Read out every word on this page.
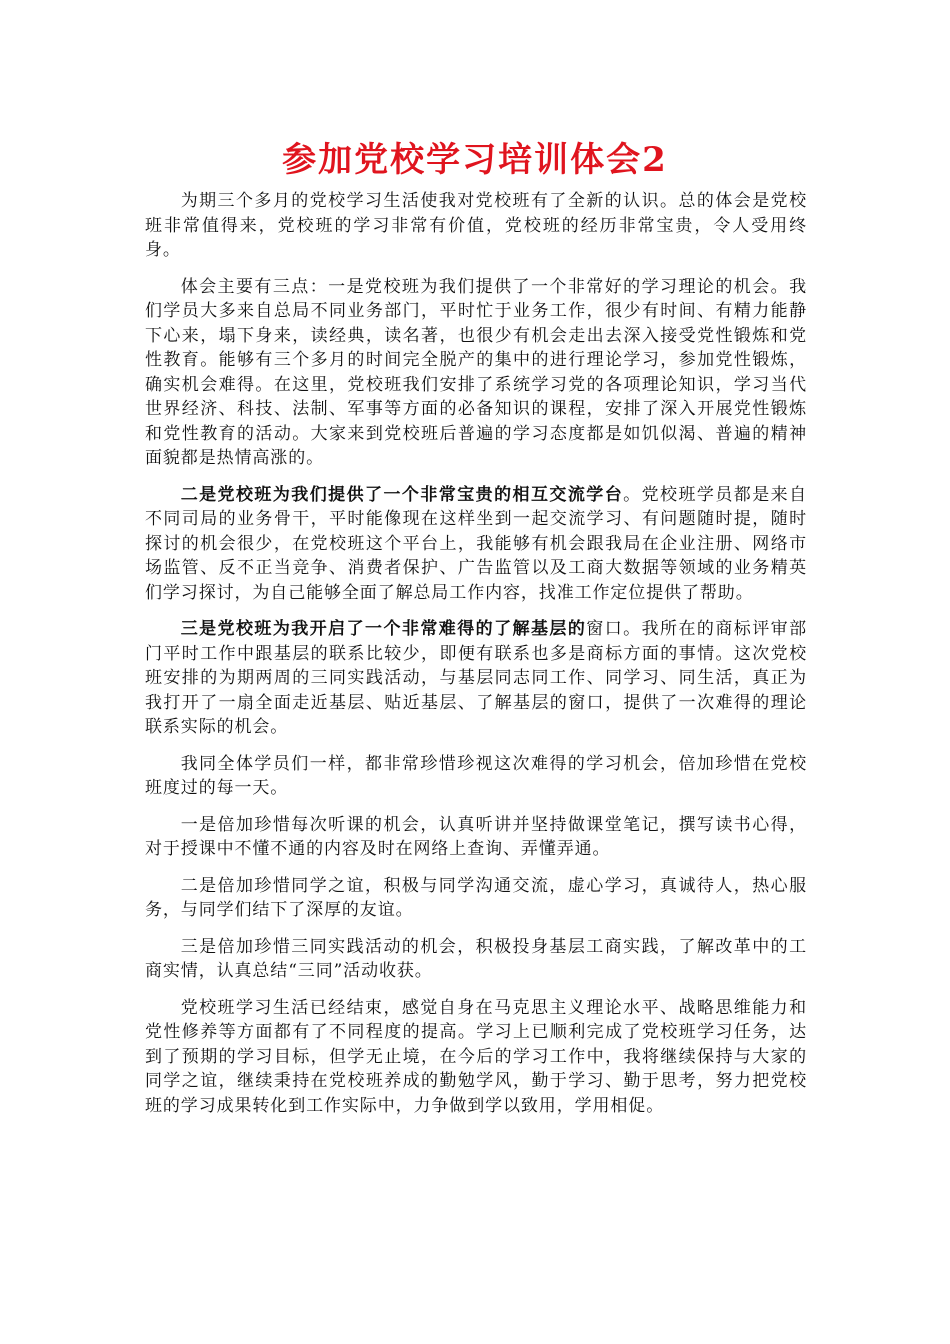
参加党校学习培训体会2

为期三个多月的党校学习生活使我对党校班有了全新的认识。总的体会是党校班非常值得来，党校班的学习非常有价值，党校班的经历非常宝贵，令人受用终身。

体会主要有三点：一是党校班为我们提供了一个非常好的学习理论的机会。我们学员大多来自总局不同业务部门，平时忙于业务工作，很少有时间、有精力能静下心来，塌下身来，读经典，读名著，也很少有机会走出去深入接受党性锻炼和党性教育。能够有三个多月的时间完全脱产的集中的进行理论学习，参加党性锻炼，确实机会难得。在这里，党校班我们安排了系统学习党的各项理论知识，学习当代世界经济、科技、法制、军事等方面的必备知识的课程，安排了深入开展党性锻炼和党性教育的活动。大家来到党校班后普遍的学习态度都是如饥似渴、普遍的精神面貌都是热情高涨的。

二是党校班为我们提供了一个非常宝贵的相互交流学台。党校班学员都是来自不同司局的业务骨干，平时能像现在这样坐到一起交流学习、有问题随时提，随时探讨的机会很少，在党校班这个平台上，我能够有机会跟我局在企业注册、网络市场监管、反不正当竞争、消费者保护、广告监管以及工商大数据等领域的业务精英们学习探讨，为自己能够全面了解总局工作内容，找准工作定位提供了帮助。

三是党校班为我开启了一个非常难得的了解基层的窗口。我所在的商标评审部门平时工作中跟基层的联系比较少，即便有联系也多是商标方面的事情。这次党校班安排的为期两周的三同实践活动，与基层同志同工作、同学习、同生活，真正为我打开了一扇全面走近基层、贴近基层、了解基层的窗口，提供了一次难得的理论联系实际的机会。

我同全体学员们一样，都非常珍惜珍视这次难得的学习机会，倍加珍惜在党校班度过的每一天。

一是倍加珍惜每次听课的机会，认真听讲并坚持做课堂笔记，撰写读书心得，对于授课中不懂不通的内容及时在网络上查询、弄懂弄通。

二是倍加珍惜同学之谊，积极与同学沟通交流，虚心学习，真诚待人，热心服务，与同学们结下了深厚的友谊。

三是倍加珍惜三同实践活动的机会，积极投身基层工商实践，了解改革中的工商实情，认真总结“三同”活动收获。

党校班学习生活已经结束，感觉自身在马克思主义理论水平、战略思维能力和党性修养等方面都有了不同程度的提高。学习上已顺利完成了党校班学习任务，达到了预期的学习目标，但学无止境，在今后的学习工作中，我将继续保持与大家的同学之谊，继续秉持在党校班养成的勤勉学风，勤于学习、勤于思考，努力把党校班的学习成果转化到工作实际中，力争做到学以致用，学用相促。
